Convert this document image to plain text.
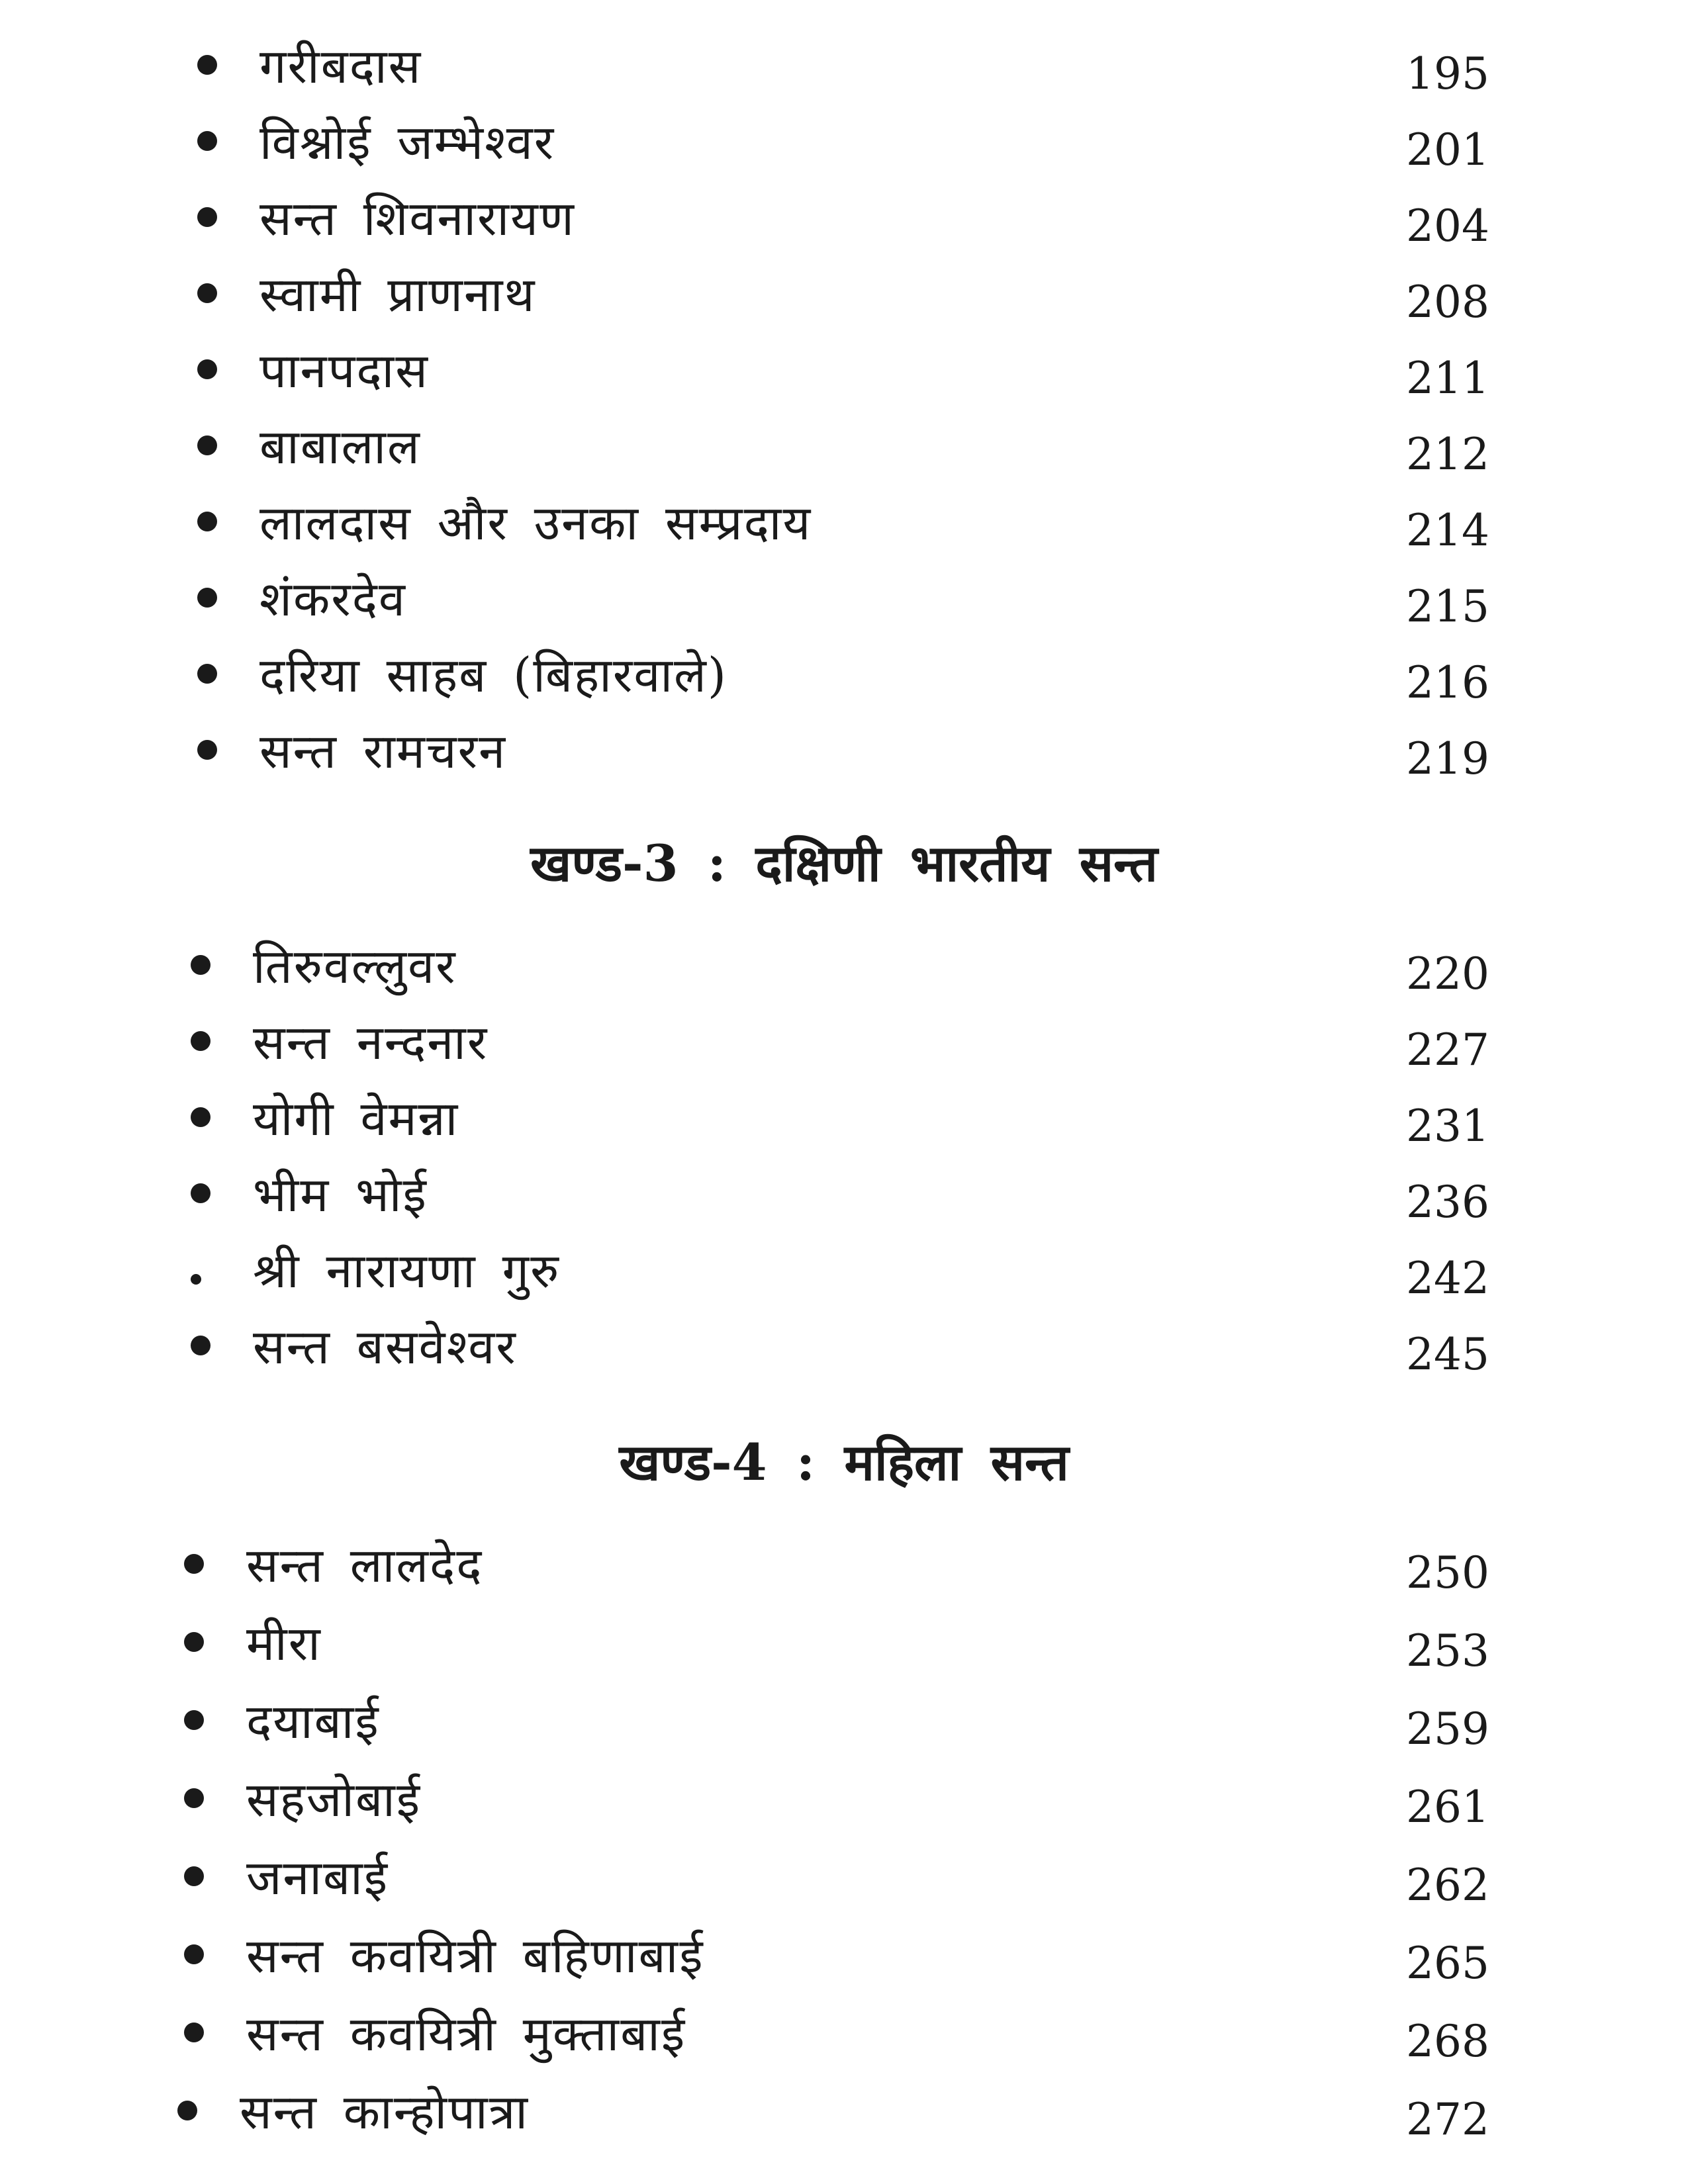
गरीबदास	195
विश्नोई जम्भेश्वर	201
सन्त शिवनारायण	204
स्वामी प्राणनाथ	208
पानपदास	211
बाबालाल	212
लालदास और उनका सम्प्रदाय	214
शंकरदेव	215
दरिया साहब (बिहारवाले)	216
सन्त रामचरन	219
खण्ड-3 : दक्षिणी भारतीय सन्त
तिरुवल्लुवर	220
सन्त नन्दनार	227
योगी वेमन्ना	231
भीम भोई	236
श्री नारायणा गुरु	242
सन्त बसवेश्वर	245
खण्ड-4 : महिला सन्त
सन्त लालदेद	250
मीरा	253
दयाबाई	259
सहजोबाई	261
जनाबाई	262
सन्त कवयित्री बहिणाबाई	265
सन्त कवयित्री मुक्ताबाई	268
सन्त कान्होपात्रा	272
